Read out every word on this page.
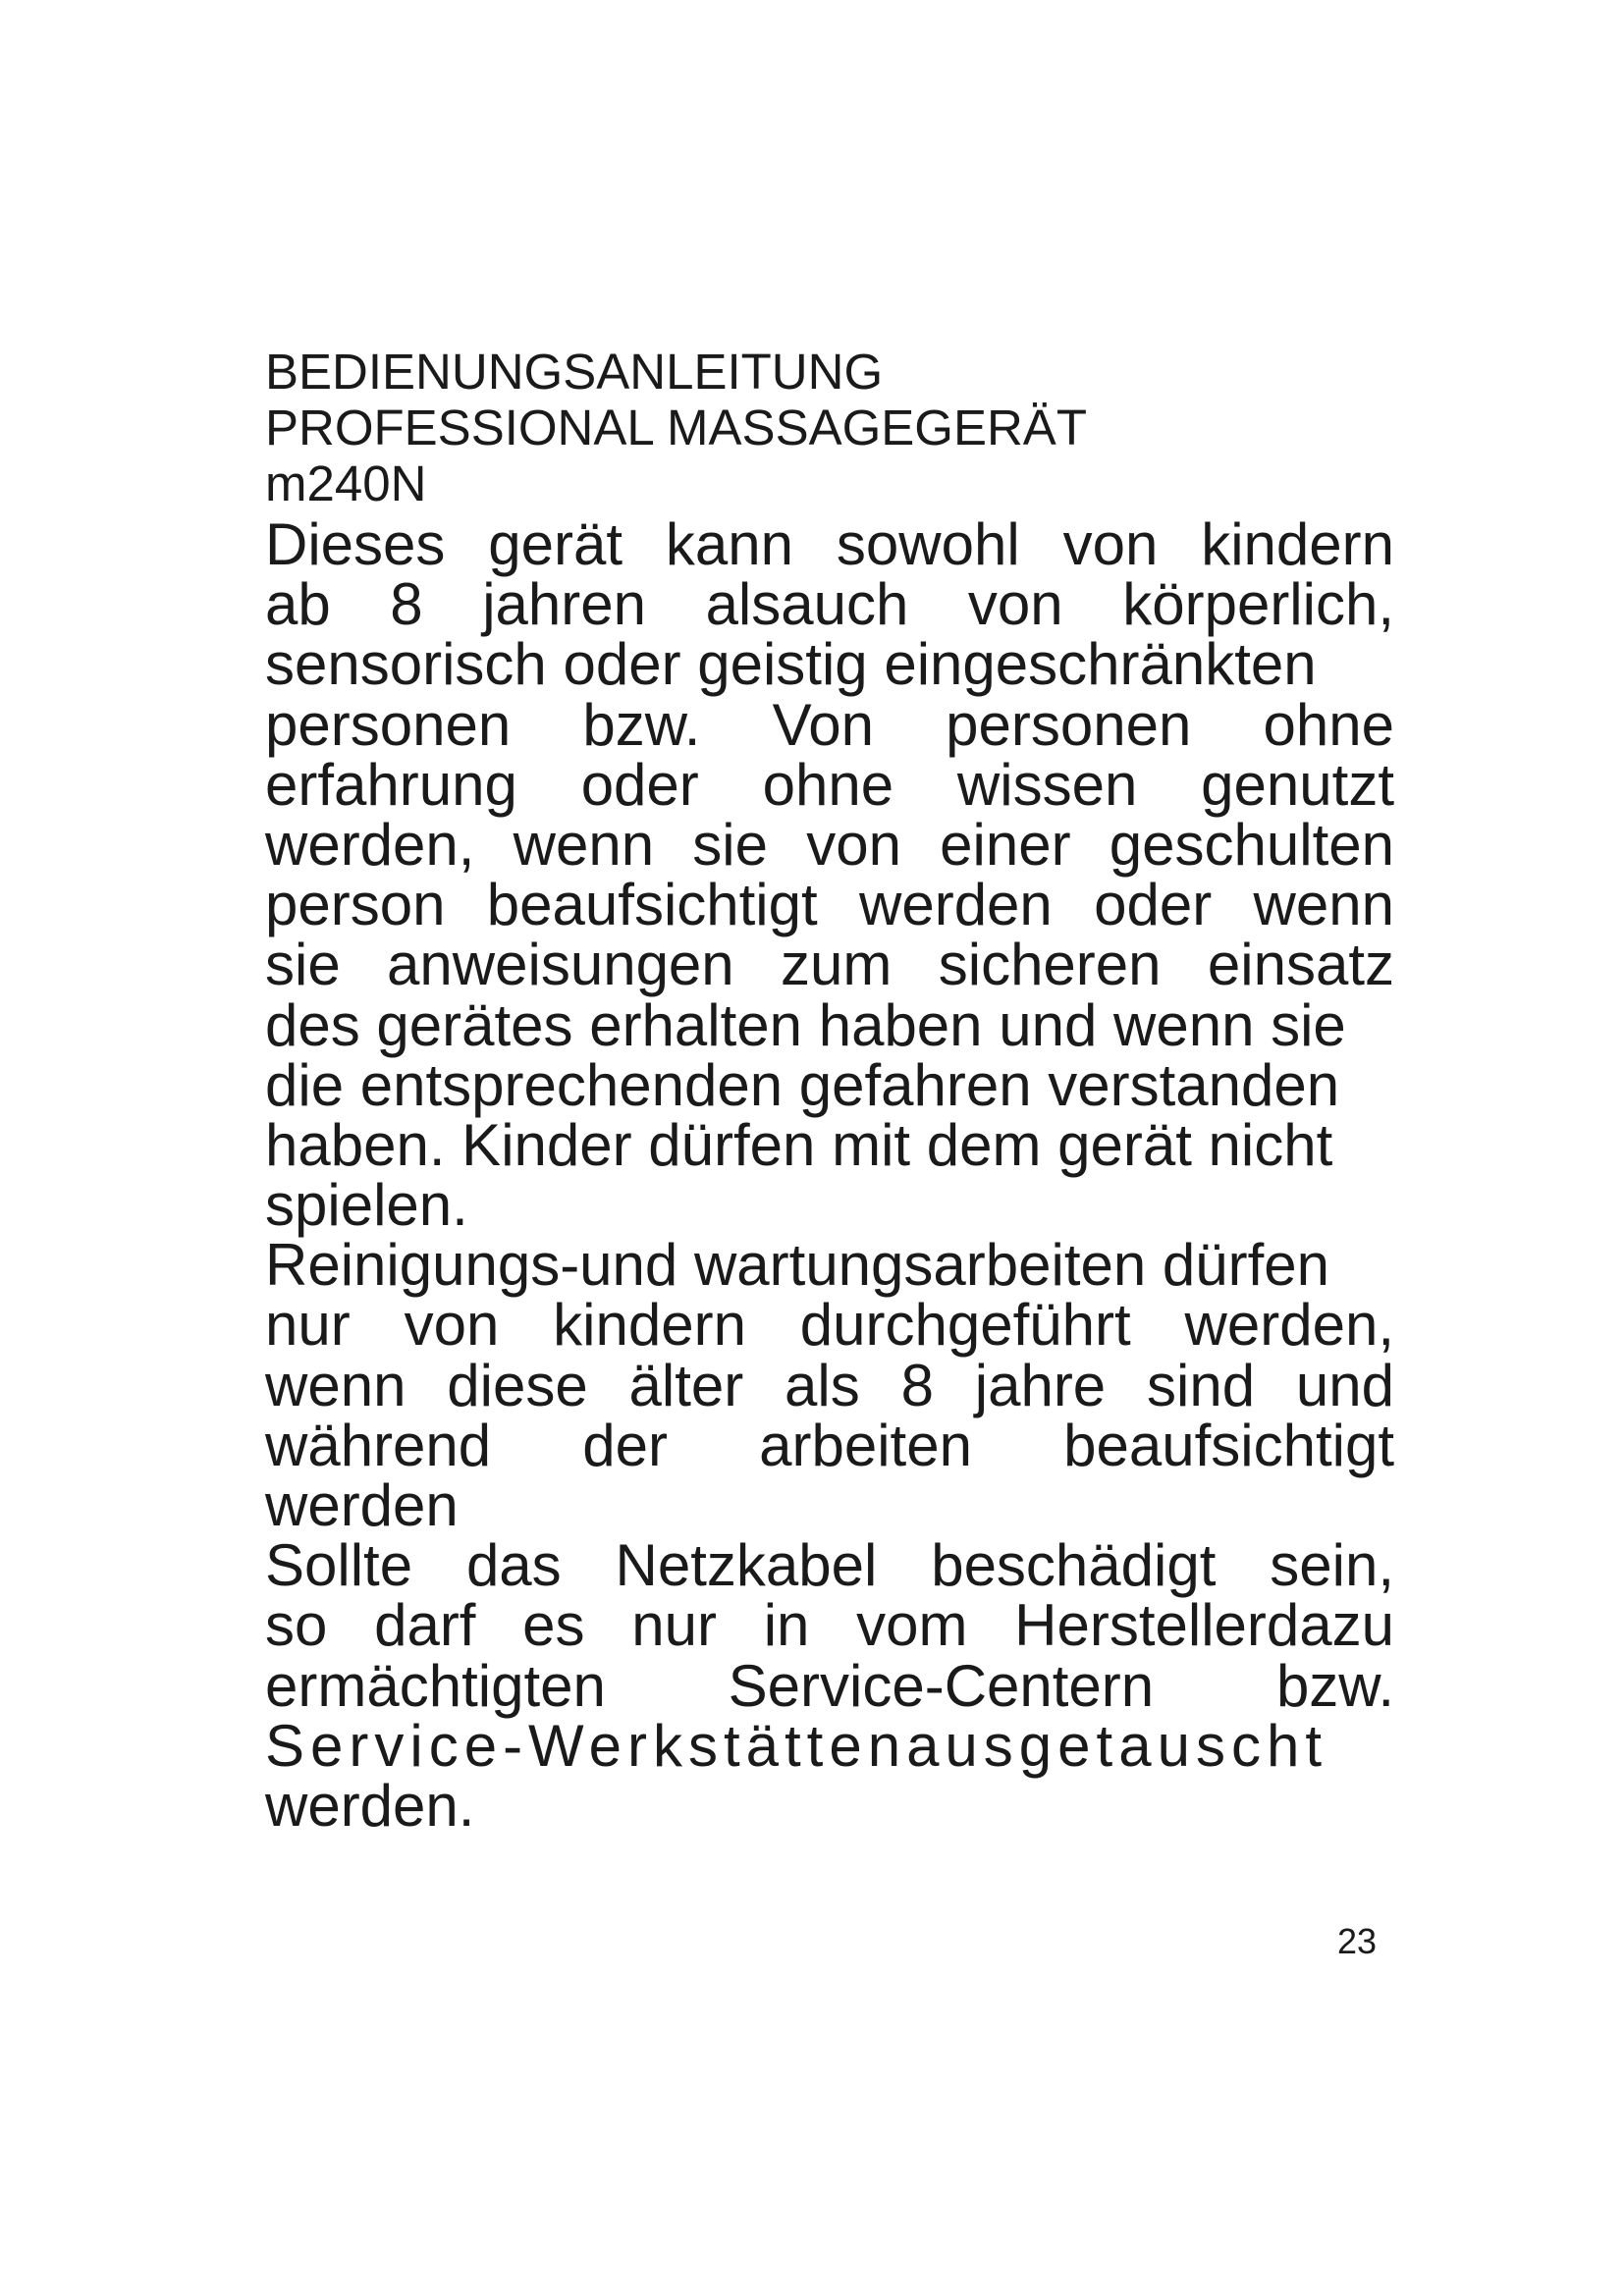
BEDIENUNGSANLEITUNG
PROFESSIONAL MASSAGEGERÄT
m240N
Dieses gerät kann sowohl von kindern
ab 8 jahren alsauch von körperlich,
sensorisch oder geistig eingeschränkten
personen bzw. Von personen ohne
erfahrung oder ohne wissen genutzt
werden, wenn sie von einer geschulten
person beaufsichtigt werden oder wenn
sie anweisungen zum sicheren einsatz
des gerätes erhalten haben und wenn sie
die entsprechenden gefahren verstanden
haben. Kinder dürfen mit dem gerät nicht
spielen.
Reinigungs-und wartungsarbeiten dürfen
nur von kindern durchgeführt werden,
wenn diese älter als 8 jahre sind und
während der arbeiten beaufsichtigt
werden
Sollte das Netzkabel beschädigt sein,
so darf es nur in vom Herstellerdazu
ermächtigten Service-Centern bzw.
Service-Werkstättenausgetauscht
werden.
23
